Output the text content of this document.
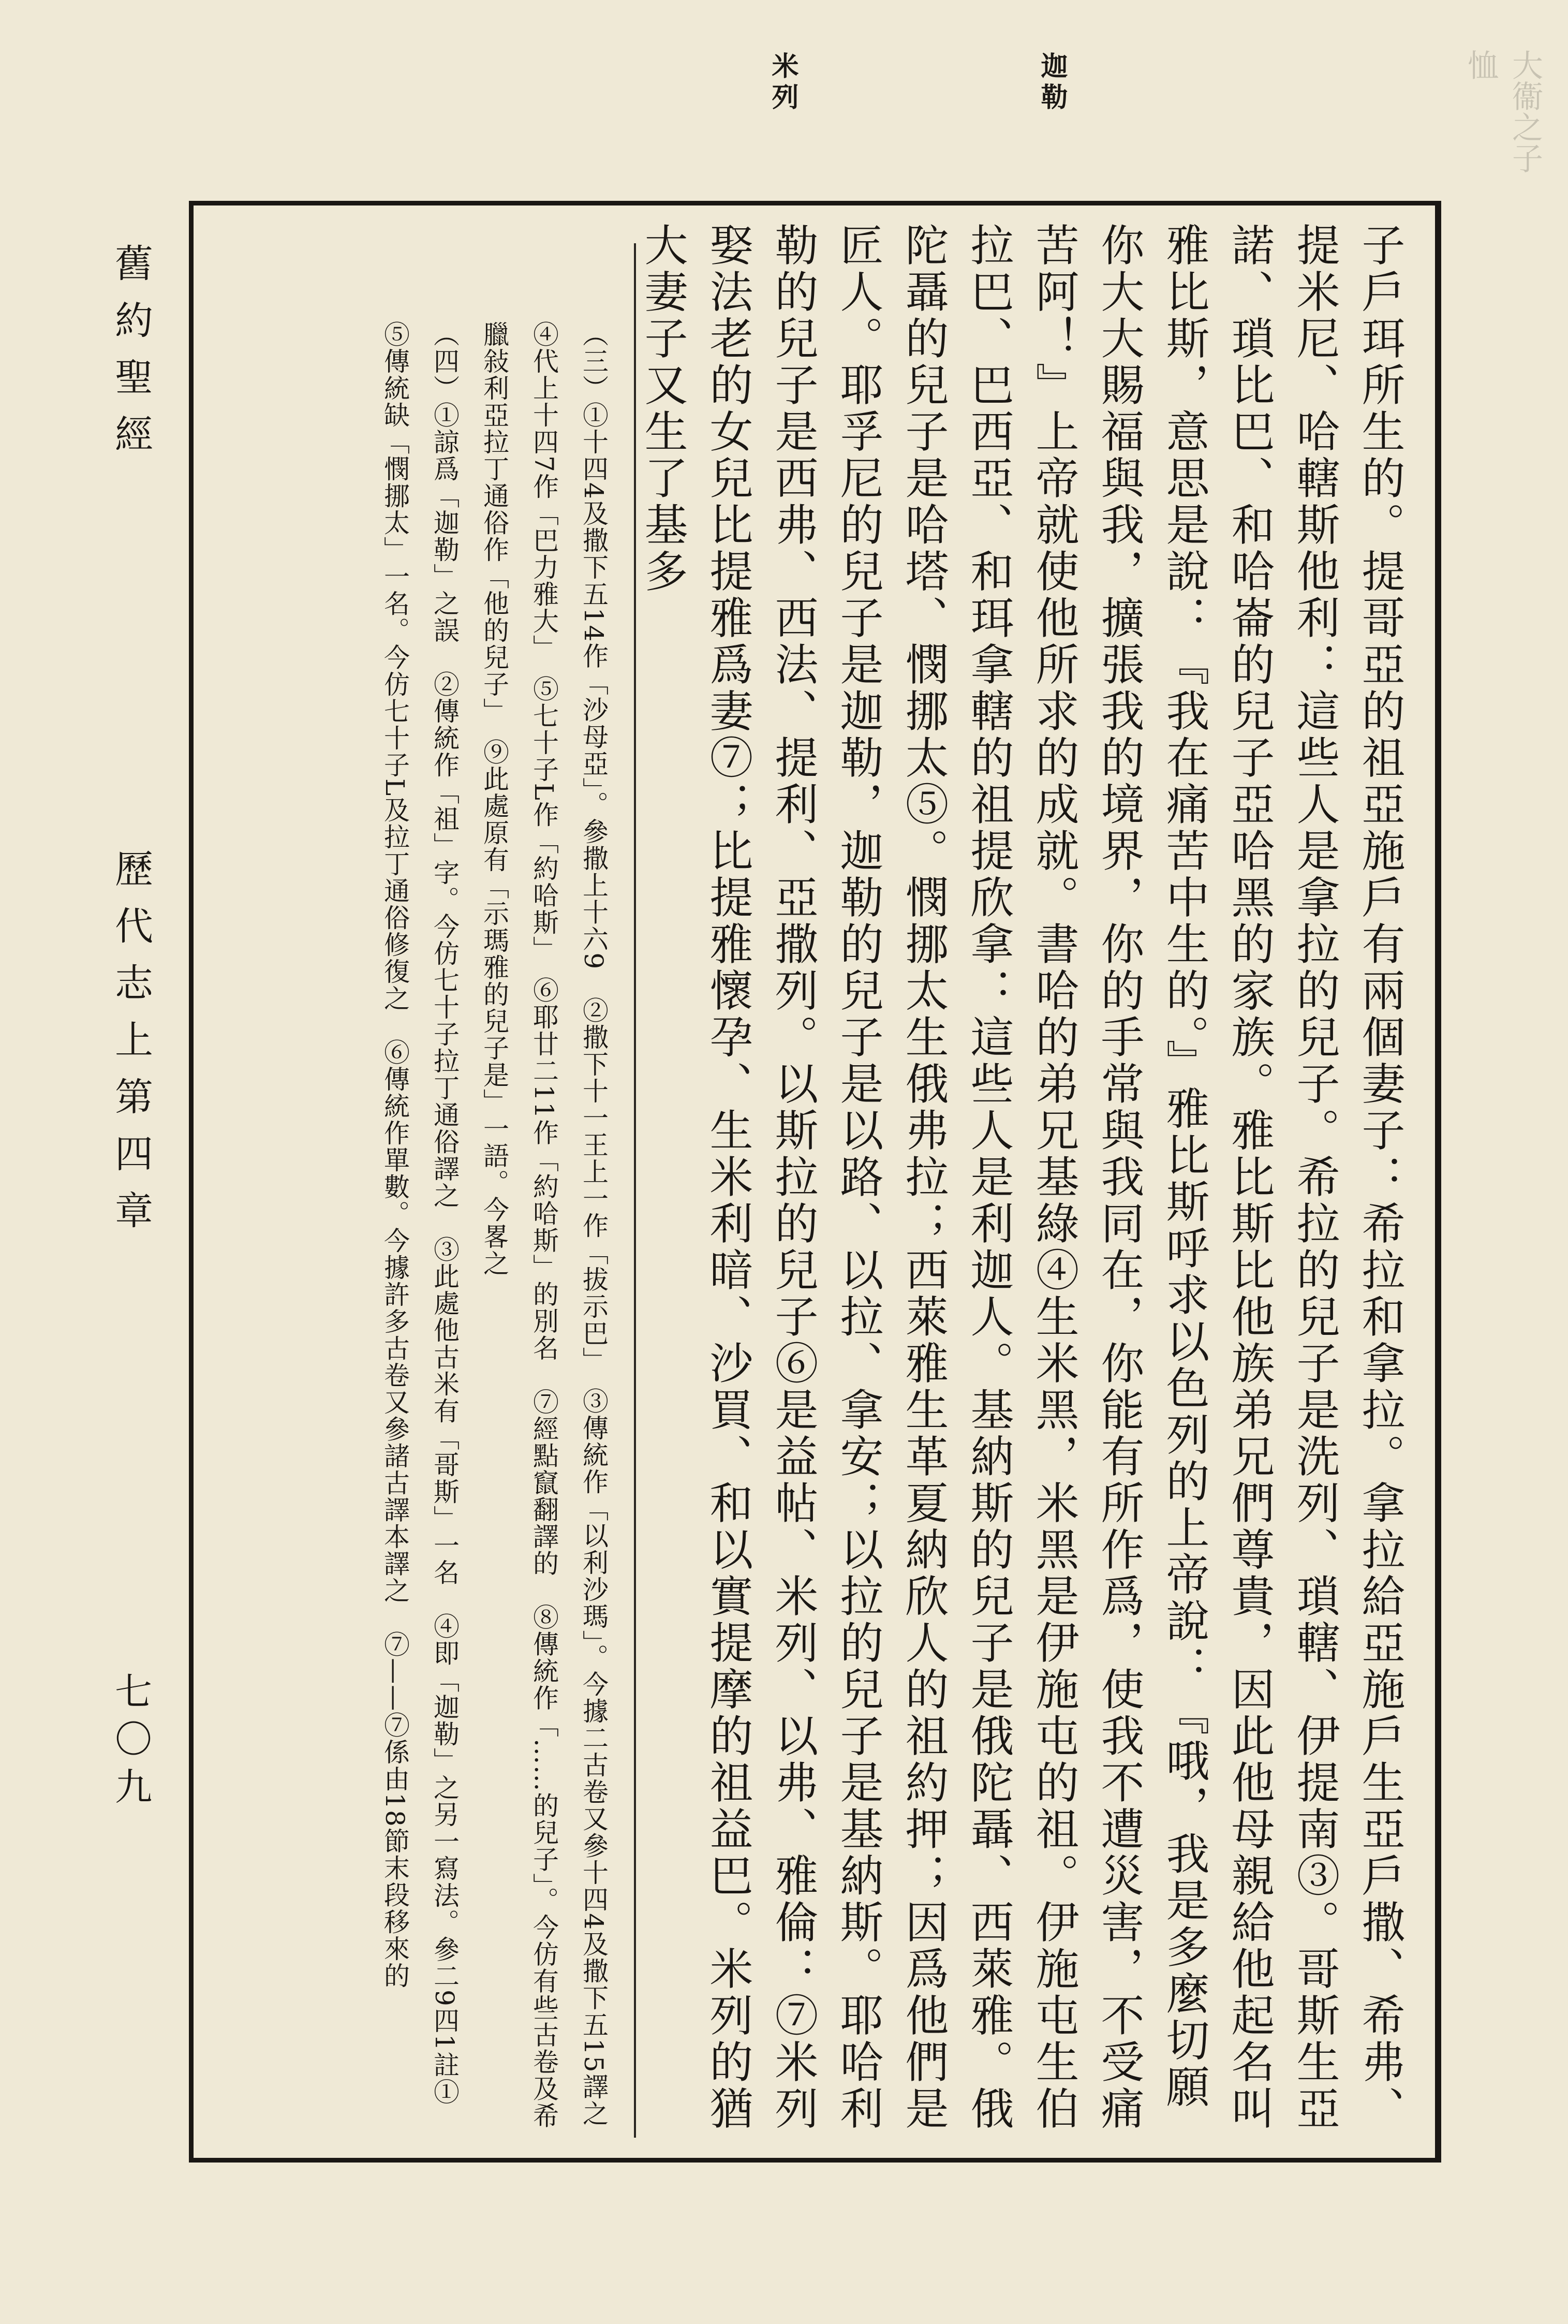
大衞之子恤
迦勒
米列

子戶珥所生的。提哥亞的祖亞施戶有兩個妻子：希拉和拿拉。拿拉給亞施戶生亞戶撒、希弗、提米尼、哈轄斯他利：這些人是拿拉的兒子。希拉的兒子是洗列、瑣轄、伊提南③。哥斯生亞諾、瑣比巴、和哈崙的兒子亞哈黑的家族。雅比斯比他族弟兄們尊貴，因此他母親給他起名叫雅比斯，意思是說：『我在痛苦中生的。』雅比斯呼求以色列的上帝說：『哦，我是多麼切願你大大賜福與我，擴張我的境界，你的手常與我同在，你能有所作爲，使我不遭災害，不受痛苦阿！』上帝就使他所求的成就。書哈的弟兄基綠④生米黑，米黑是伊施屯的祖。伊施屯生伯拉巴、巴西亞、和珥拿轄的祖提欣拿：這些人是利迦人。基納斯的兒子是俄陀聶、西萊雅。俄陀聶的兒子是哈塔、憫挪太⑤。憫挪太生俄弗拉；西萊雅生革夏納欣人的祖約押；因爲他們是匠人。耶孚尼的兒子是迦勒，迦勒的兒子是以路、以拉、拿安；以拉的兒子是基納斯。耶哈利勒的兒子是西弗、西法、提利、亞撒列。以斯拉的兒子⑥是益帖、米列、以弗、雅倫：⑦米列娶法老的女兒比提雅爲妻⑦；比提雅懷孕、生米利暗、沙買、和以實提摩的祖益巴。米列的猶大妻子又生了基多

（三）①十四4及撒下五14作「沙母亞」。參撒上十六9　②撒下十一王上一作「拔示巴」　③傳統作「以利沙瑪」。今據二古卷又參十四4及撒下五15譯之　④代上十四7作「巴力雅大」　⑤七十子L作「約哈斯」　⑥耶廿二11作「約哈斯」的別名　⑦經點竄翻譯的　⑧傳統作「……的兒子」。今仿有些古卷及希臘敍利亞拉丁通俗作「他的兒子」　⑨此處原有「示瑪雅的兒子是」一語。今畧之

（四）①諒爲「迦勒」之誤　②傳統作「祖」字。今仿七十子拉丁通俗譯之　③此處他古米有「哥斯」一名　④即「迦勒」之另一寫法。參二9四1註①　⑤傳統缺「憫挪太」一名。今仿七十子L及拉丁通俗修復之　⑥傳統作單數。今據許多古卷又參諸古譯本譯之　⑦——⑦係由18節末段移來的

舊約聖經
歷代志上
第四章
七〇九
